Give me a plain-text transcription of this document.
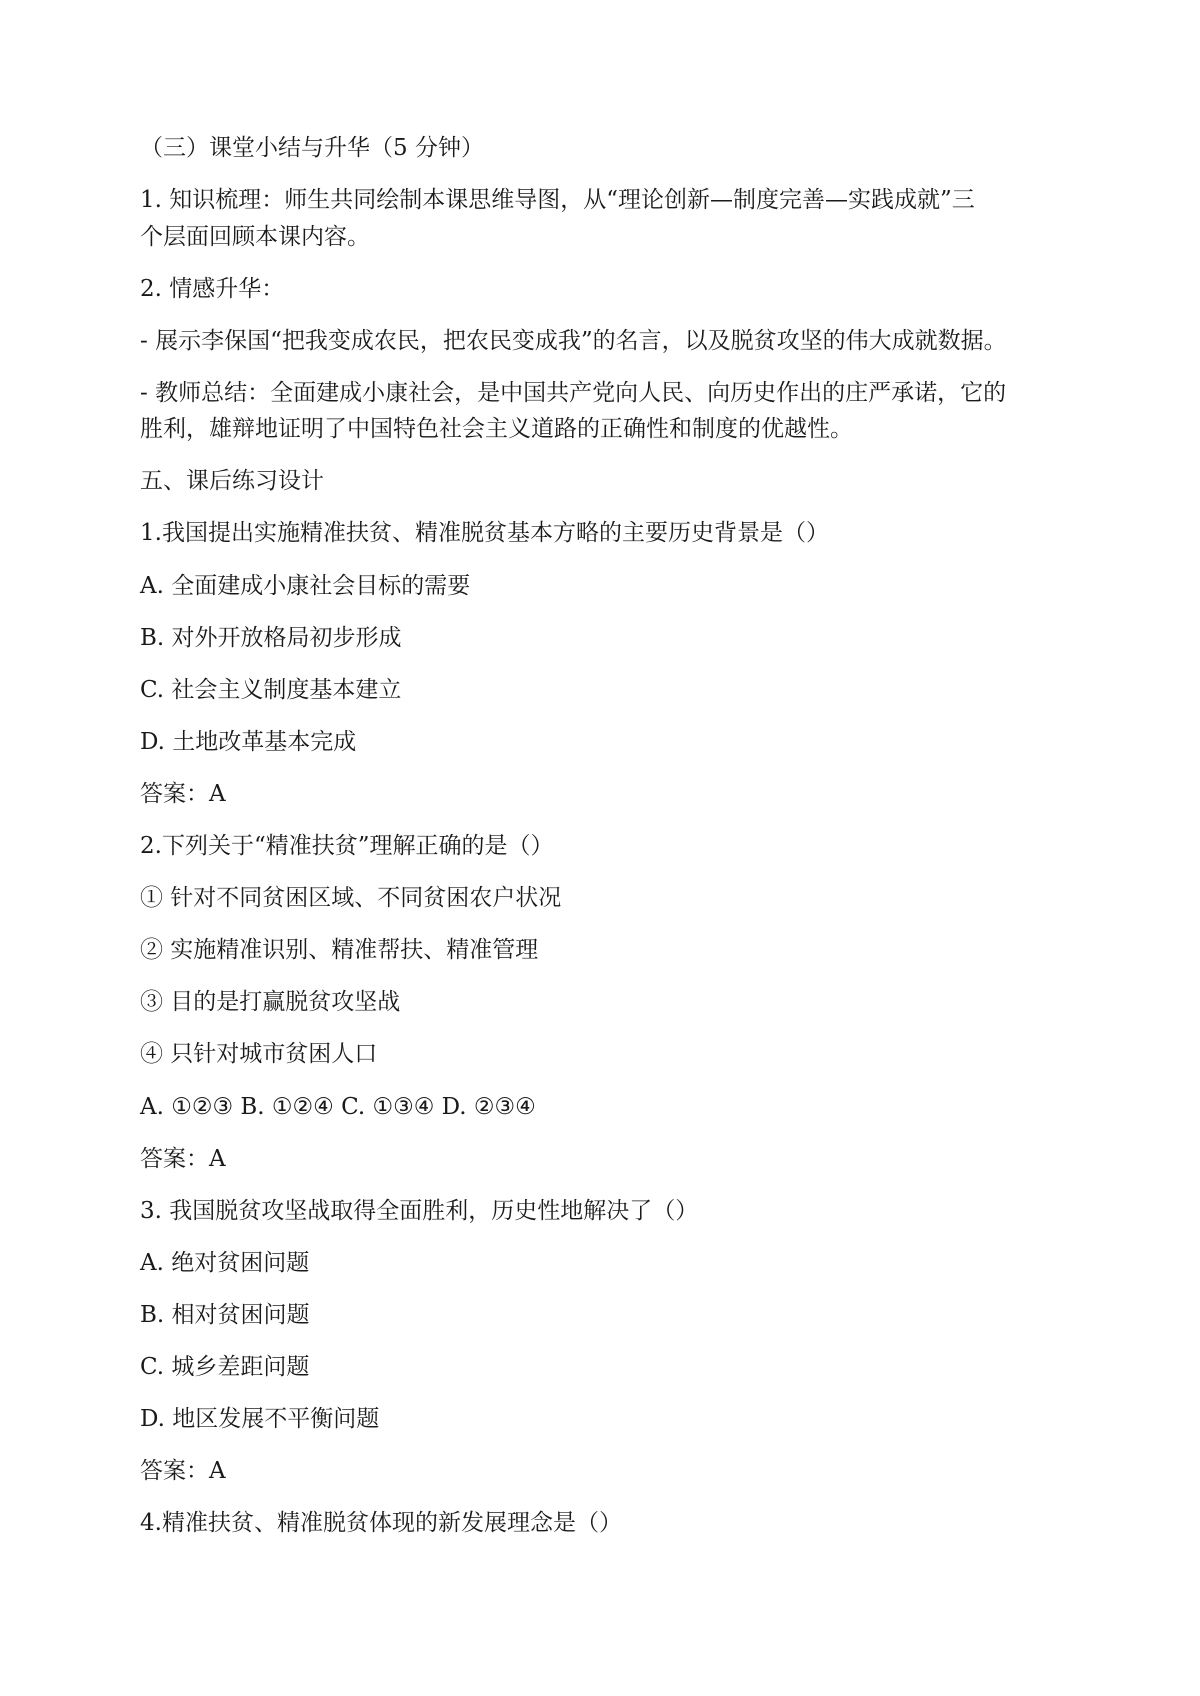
（三）课堂小结与升华（5 分钟）

1. 知识梳理：师生共同绘制本课思维导图，从“理论创新—制度完善—实践成就”三

个层面回顾本课内容。

2. 情感升华：

- 展示李保国“把我变成农民，把农民变成我”的名言，以及脱贫攻坚的伟大成就数据。

- 教师总结：全面建成小康社会，是中国共产党向人民、向历史作出的庄严承诺，它的

胜利，雄辩地证明了中国特色社会主义道路的正确性和制度的优越性。

五、课后练习设计

1.我国提出实施精准扶贫、精准脱贫基本方略的主要历史背景是（）

A. 全面建成小康社会目标的需要

B. 对外开放格局初步形成

C. 社会主义制度基本建立

D. 土地改革基本完成

答案：A

2.下列关于“精准扶贫”理解正确的是（）

① 针对不同贫困区域、不同贫困农户状况

② 实施精准识别、精准帮扶、精准管理

③ 目的是打赢脱贫攻坚战

④ 只针对城市贫困人口

A. ①②③ B. ①②④ C. ①③④ D. ②③④

答案：A

3. 我国脱贫攻坚战取得全面胜利，历史性地解决了（）

A. 绝对贫困问题

B. 相对贫困问题

C. 城乡差距问题

D. 地区发展不平衡问题

答案：A

4.精准扶贫、精准脱贫体现的新发展理念是（）
